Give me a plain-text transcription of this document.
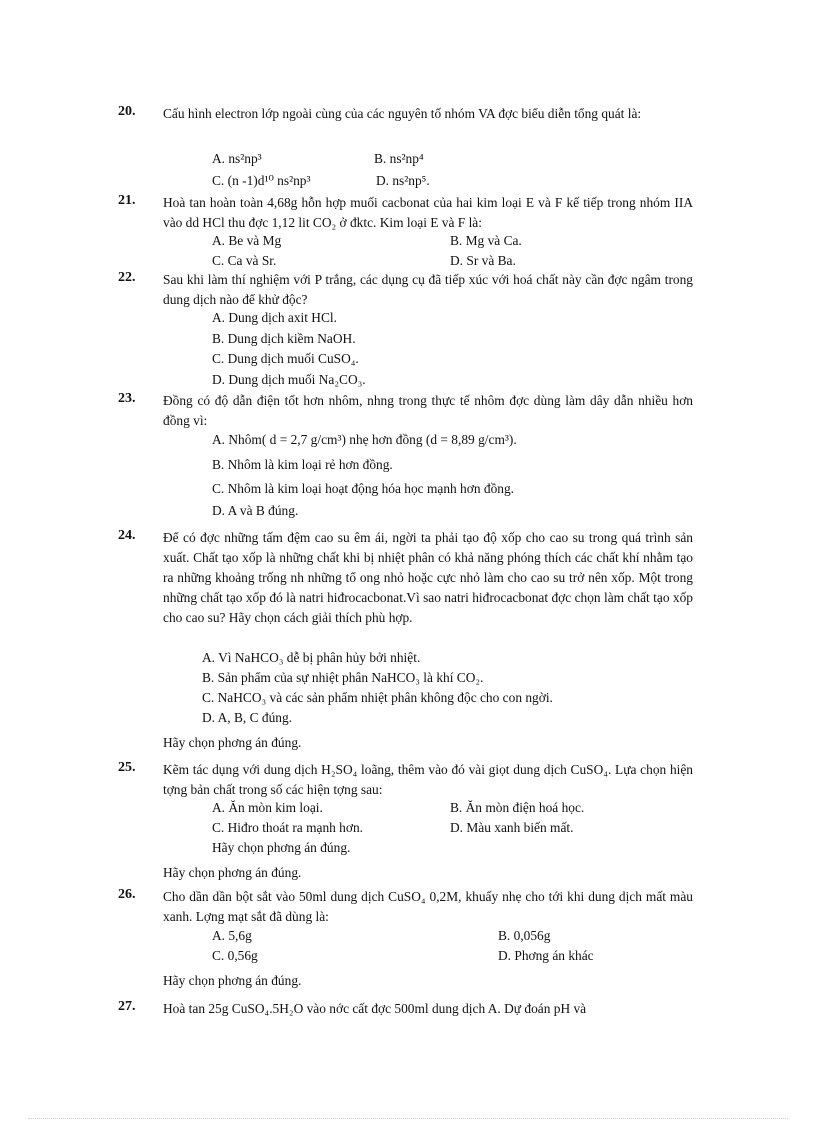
20. Cấu hình electron lớp ngoài cùng của các nguyên tố nhóm VA đợc biểu diễn tổng quát là:
A. ns²np³	B. ns²np⁴
C. (n -1)d¹⁰ ns²np³	D. ns²np⁵.
21. Hoà tan hoàn toàn 4,68g hỗn hợp muối cacbonat của hai kim loại E và F kế tiếp trong nhóm IIA vào dd HCl thu đợc 1,12 lit CO₂ ở đktc. Kim loại E và F là:
A. Be và Mg	B. Mg và Ca.
C. Ca và Sr.	D. Sr và Ba.
22. Sau khi làm thí nghiệm với P trắng, các dụng cụ đã tiếp xúc với hoá chất này cần đợc ngâm trong dung dịch nào để khử độc?
A. Dung dịch axit HCl.
B. Dung dịch kiềm NaOH.
C. Dung dịch muối CuSO₄.
D. Dung dịch muối Na₂CO₃.
23. Đồng có độ dẫn điện tốt hơn nhôm, nhng trong thực tế nhôm đợc dùng làm dây dẫn nhiều hơn đồng vì:
A. Nhôm( d = 2,7 g/cm³) nhẹ hơn đồng (d = 8,89 g/cm³).
B. Nhôm là kim loại rẻ hơn đồng.
C. Nhôm là kim loại hoạt động hóa học mạnh hơn đồng.
D. A và B đúng.
24. Để có đợc những tấm đệm cao su êm ái, ngời ta phải tạo độ xốp cho cao su trong quá trình sản xuất. Chất tạo xốp là những chất khi bị nhiệt phân có khả năng phóng thích các chất khí nhằm tạo ra những khoảng trống nh những tổ ong nhỏ hoặc cực nhỏ làm cho cao su trở nên xốp. Một trong những chất tạo xốp đó là natri hiđrocacbonat.Vì sao natri hiđrocacbonat đợc chọn làm chất tạo xốp cho cao su? Hãy chọn cách giải thích phù hợp.
A. Vì NaHCO₃ dễ bị phân hủy bởi nhiệt.
B. Sản phẩm của sự nhiệt phân NaHCO₃ là khí CO₂.
C. NaHCO₃ và các sản phẩm nhiệt phân không độc cho con ngời.
D. A, B, C đúng.
Hãy chọn phơng án đúng.
25. Kẽm tác dụng với dung dịch H₂SO₄ loãng, thêm vào đó vài giọt dung dịch CuSO₄. Lựa chọn hiện tợng bản chất trong số các hiện tợng sau:
A. Ăn mòn kim loại.	B. Ăn mòn điện hoá học.
C. Hiđro thoát ra mạnh hơn.	D. Màu xanh biến mất.
Hãy chọn phơng án đúng.
Hãy chọn phơng án đúng.
26. Cho dần dần bột sắt vào 50ml dung dịch CuSO₄ 0,2M, khuấy nhẹ cho tới khi dung dịch mất màu xanh. Lợng mạt sắt đã dùng là:
A. 5,6g	B. 0,056g
C. 0,56g	D. Phơng án khác
Hãy chọn phơng án đúng.
27. Hoà tan 25g CuSO₄.5H₂O vào nớc cất đợc 500ml dung dịch A. Dự đoán pH và
